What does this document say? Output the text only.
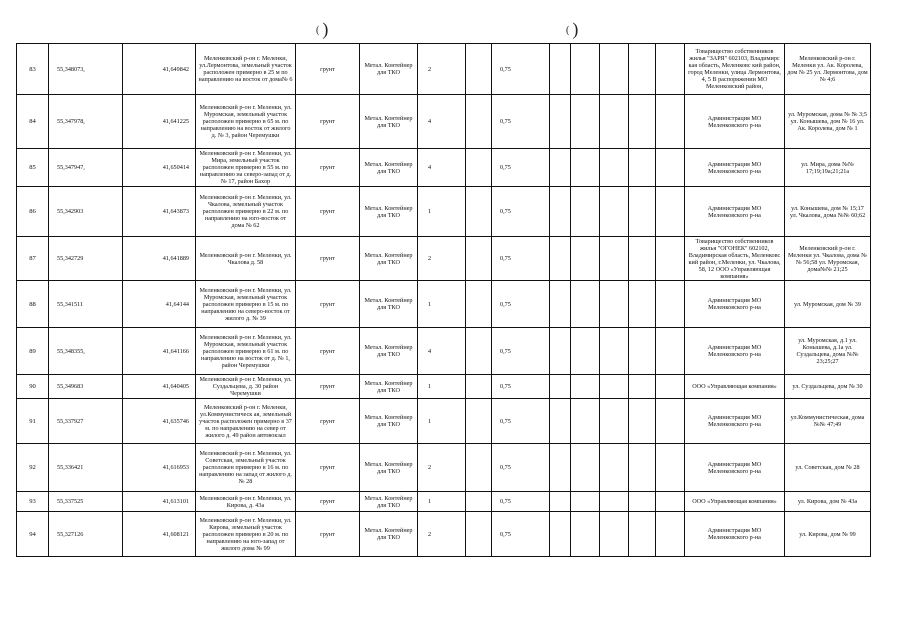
( )	( )
83	55,348073,	41,649842	Меленковский р-он г. Меленки, ул.Лермонтова, земельный участок расположен примерно в 25 м по направлению на восток от дома№ 6	грунт	Метал. Контейнер для ТКО	2		0,75						Товарищество собственников жилья "ЗАРЯ" 602103, Владимирс кая область, Меленковс кий район, город Меленки, улица Лермонтова, 4, 5 В распоряжении МО Меленковский район,	Меленковский р-он г. Меленки ул. Ак. Королева, дом № 25 ул. Лермонтова, дом № 4;6
84	55,347978,	41,641225	Меленковский р-он г. Меленки, ул. Муромская, земельный участок расположен примерно в 65 м. по направлению на восток от жилого д. № 3, район Черемушки	грунт	Метал. Контейнер для ТКО	4		0,75						Администрация МО Меленковского р-на	ул. Муромская, дома № № 3;5 ул. Конышева, дом № 16 ул. Ак. Королева, дом № 1
85	55,347947,	41,650414	Меленковский р-он г. Меленки, ул. Мира, земельный участок расположен примерно в 55 м. по направлению на северо-запад от д. № 17, район Бахор	грунт	Метал. Контейнер для ТКО	4		0,75						Администрация МО Меленковского р-на	ул. Мира, дома №№ 17;19;19а;21;21а
86	55,342903	41,643873	Меленковский р-он г. Меленки, ул. Чкалова, земельный участок расположен примерно в 22 м. по направлению на юго-восток от дома № 62	грунт	Метал. Контейнер для ТКО	1		0,75						Администрация МО Меленковского р-на	ул. Конышева, дом № 15;17 ул. Чкалова, дома №№ 60;62
87	55,342729	41,641889	Меленковский р-он г. Меленки, ул. Чкалова д. 58	грунт	Метал. Контейнер для ТКО	2		0,75						Товарищество собственников жилья "ОГОНЕК" 602102, Владимирская область, Меленковс кий район, г.Меленки, ул. Чкалова, 58, 12 ООО «Управляющая компания»	Меленковский р-он г. Меленки ул. Чкалова, дома №№ 56;58 ул. Муромская, дома№№ 21;25
88	55,341511	41,64144	Меленковский р-он г. Меленки, ул. Муромская, земельный участок расположен примерно в 15 м. по направлению на северо-восток от жилого д. № 39	грунт	Метал. Контейнер для ТКО	1		0,75						Администрация МО Меленковского р-на	ул. Муромская, дом № 39
89	55,348355,	41,641166	Меленковский р-он г. Меленки, ул. Муромская, земельный участок расположен примерно в 61 м. по направлению на восток от д. № 1, район Черемушки	грунт	Метал. Контейнер для ТКО	4		0,75						Администрация МО Меленковского р-на	ул. Муромская, д.1 ул. Конышева, д.1а ул. Суздальцева, дома №№ 23;25;27
90	55,349683	41,640405	Меленковский р-он г. Меленки, ул. Суздальцева, д. 30 район Черемушки	грунт	Метал. Контейнер для ТКО	1		0,75						ООО «Управляющая компания»	ул. Суздальцева, дом № 30
91	55,337927	41,635746	Меленковский р-он г. Меленки, ул.Коммунистическ ая, земельный участок расположен примерно в 37 м. по направлению на север от жилого д. 49 район автовокзал	грунт	Метал. Контейнер для ТКО	1		0,75						Администрация МО Меленковского р-на	ул.Коммунистическая, дома №№ 47;49
92	55,336421	41,616953	Меленковский р-он г. Меленки, ул. Советская, земельный участок расположен примерно в 16 м. по направлению на запад от жилого д. № 28	грунт	Метал. Контейнер для ТКО	2		0,75						Администрация МО Меленковского р-на	ул. Советская, дом № 28
93	55,337525	41,613101	Меленковский р-он г. Меленки, ул. Кирова, д. 43а	грунт	Метал. Контейнер для ТКО	1		0,75						ООО «Управляющая компания»	ул. Кирова, дом № 43а
94	55,327126	41,608121	Меленковский р-он г. Меленки, ул. Кирова, земельный участок расположен примерно в 20 м. по направлению на юго-запад от жилого дома № 99	грунт	Метал. Контейнер для ТКО	2		0,75						Администрация МО Меленковского р-на	ул. Кирова, дом № 99
